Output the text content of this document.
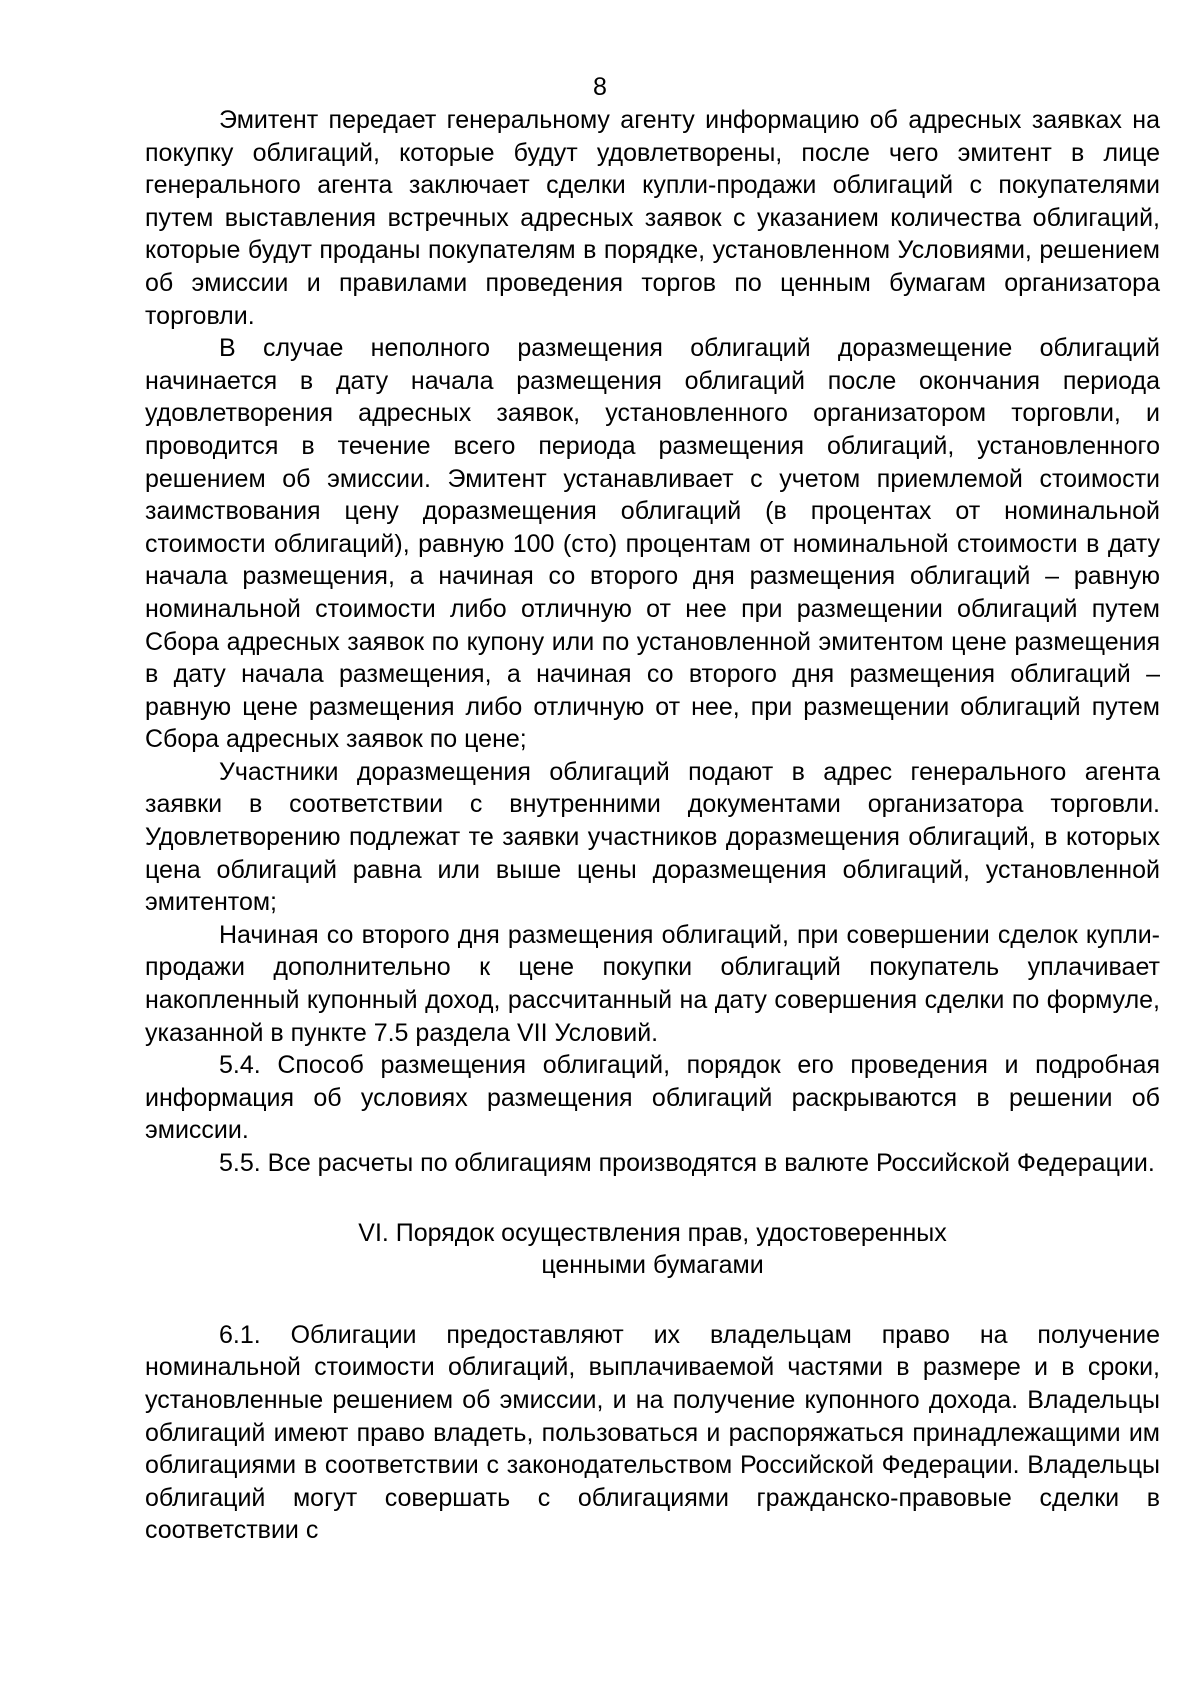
8

Эмитент передает генеральному агенту информацию об адресных заявках на покупку облигаций, которые будут удовлетворены, после чего эмитент в лице генерального агента заключает сделки купли-продажи облигаций с покупателями путем выставления встречных адресных заявок с указанием количества облигаций, которые будут проданы покупателям в порядке, установленном Условиями, решением об эмиссии и правилами проведения торгов по ценным бумагам организатора торговли.

В случае неполного размещения облигаций доразмещение облигаций начинается в дату начала размещения облигаций после окончания периода удовлетворения адресных заявок, установленного организатором торговли, и проводится в течение всего периода размещения облигаций, установленного решением об эмиссии. Эмитент устанавливает с учетом приемлемой стоимости заимствования цену доразмещения облигаций (в процентах от номинальной стоимости облигаций), равную 100 (сто) процентам от номинальной стоимости в дату начала размещения, а начиная со второго дня размещения облигаций – равную номинальной стоимости либо отличную от нее при размещении облигаций путем Сбора адресных заявок по купону или по установленной эмитентом цене размещения в дату начала размещения, а начиная со второго дня размещения облигаций – равную цене размещения либо отличную от нее, при размещении облигаций путем Сбора адресных заявок по цене;

Участники доразмещения облигаций подают в адрес генерального агента заявки в соответствии с внутренними документами организатора торговли. Удовлетворению подлежат те заявки участников доразмещения облигаций, в которых цена облигаций равна или выше цены доразмещения облигаций, установленной эмитентом;

Начиная со второго дня размещения облигаций, при совершении сделок купли-продажи дополнительно к цене покупки облигаций покупатель уплачивает накопленный купонный доход, рассчитанный на дату совершения сделки по формуле, указанной в пункте 7.5 раздела VII Условий.

5.4. Способ размещения облигаций, порядок его проведения и подробная информация об условиях размещения облигаций раскрываются в решении об эмиссии.

5.5. Все расчеты по облигациям производятся в валюте Российской Федерации.

VI. Порядок осуществления прав, удостоверенных
ценными бумагами

6.1. Облигации предоставляют их владельцам право на получение номинальной стоимости облигаций, выплачиваемой частями в размере и в сроки, установленные решением об эмиссии, и на получение купонного дохода. Владельцы облигаций имеют право владеть, пользоваться и распоряжаться принадлежащими им облигациями в соответствии с законодательством Российской Федерации. Владельцы облигаций могут совершать с облигациями гражданско-правовые сделки в соответствии с
